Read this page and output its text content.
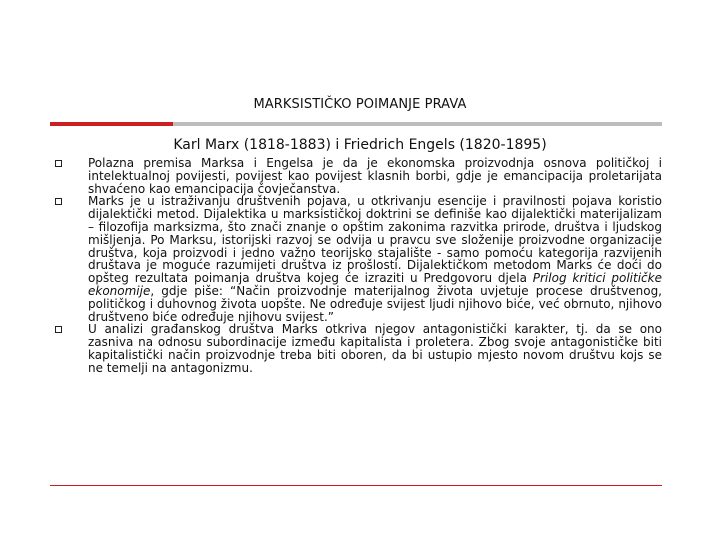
MARKSISTIČKO POIMANJE PRAVA

Karl Marx (1818-1883) i Friedrich Engels (1820-1895)

Polazna premisa Marksa i Engelsa je da je ekonomska proizvodnja osnova političkoj i intelektualnoj povijesti, povijest kao povijest klasnih borbi, gdje je emancipacija proletarijata shvaćeno kao emancipacija čovječanstva.
Marks je u istraživanju društvenih pojava, u otkrivanju esencije i pravilnosti pojava koristio dijalektički metod. Dijalektika u marksističkoj doktrini se definiše kao dijalektički materijalizam – filozofija marksizma, što znači znanje o opštim zakonima razvitka prirode, društva i ljudskog mišljenja. Po Marksu, istorijski razvoj se odvija u pravcu sve složenije proizvodne organizacije društva, koja proizvodi i jedno važno teorijsko stajalište - samo pomoću kategorija razvijenih društava je moguće razumijeti društva iz prošlosti. Dijalektičkom metodom Marks će doći do opšteg rezultata poimanja društva kojeg će izraziti u Predgovoru djela Prilog kritici političke ekonomije, gdje piše: “Način proizvodnje materijalnog života uvjetuje procese društvenog, političkog i duhovnog života uopšte. Ne određuje svijest ljudi njihovo biće, već obrnuto, njihovo društveno biće određuje njihovu svijest.”
U analizi građanskog društva Marks otkriva njegov antagonistički karakter, tj. da se ono zasniva na odnosu subordinacije između kapitalista i proletera. Zbog svoje antagonističke biti kapitalistički način proizvodnje treba biti oboren, da bi ustupio mjesto novom društvu kojs se ne temelji na antagonizmu.
